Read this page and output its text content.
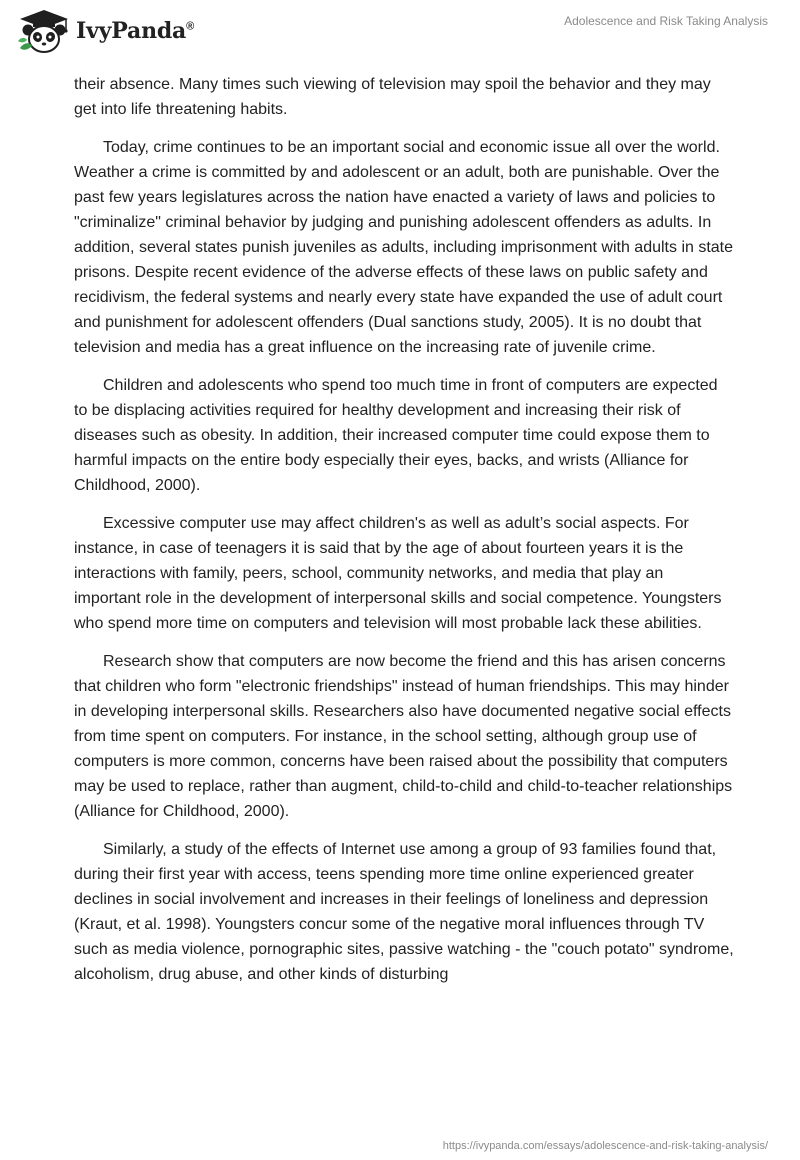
IvyPanda®	Adolescence and Risk Taking Analysis

their absence. Many times such viewing of television may spoil the behavior and they may get into life threatening habits.

Today, crime continues to be an important social and economic issue all over the world. Weather a crime is committed by and adolescent or an adult, both are punishable. Over the past few years legislatures across the nation have enacted a variety of laws and policies to "criminalize" criminal behavior by judging and punishing adolescent offenders as adults. In addition, several states punish juveniles as adults, including imprisonment with adults in state prisons. Despite recent evidence of the adverse effects of these laws on public safety and recidivism, the federal systems and nearly every state have expanded the use of adult court and punishment for adolescent offenders (Dual sanctions study, 2005). It is no doubt that television and media has a great influence on the increasing rate of juvenile crime.

Children and adolescents who spend too much time in front of computers are expected to be displacing activities required for healthy development and increasing their risk of diseases such as obesity. In addition, their increased computer time could expose them to harmful impacts on the entire body especially their eyes, backs, and wrists (Alliance for Childhood, 2000).

Excessive computer use may affect children's as well as adult’s social aspects. For instance, in case of teenagers it is said that by the age of about fourteen years it is the interactions with family, peers, school, community networks, and media that play an important role in the development of interpersonal skills and social competence. Youngsters who spend more time on computers and television will most probable lack these abilities.

Research show that computers are now become the friend and this has arisen concerns that children who form "electronic friendships" instead of human friendships. This may hinder in developing interpersonal skills. Researchers also have documented negative social effects from time spent on computers. For instance, in the school setting, although group use of computers is more common, concerns have been raised about the possibility that computers may be used to replace, rather than augment, child-to-child and child-to-teacher relationships (Alliance for Childhood, 2000).

Similarly, a study of the effects of Internet use among a group of 93 families found that, during their first year with access, teens spending more time online experienced greater declines in social involvement and increases in their feelings of loneliness and depression (Kraut, et al. 1998). Youngsters concur some of the negative moral influences through TV such as media violence, pornographic sites, passive watching - the "couch potato" syndrome, alcoholism, drug abuse, and other kinds of disturbing

https://ivypanda.com/essays/adolescence-and-risk-taking-analysis/
